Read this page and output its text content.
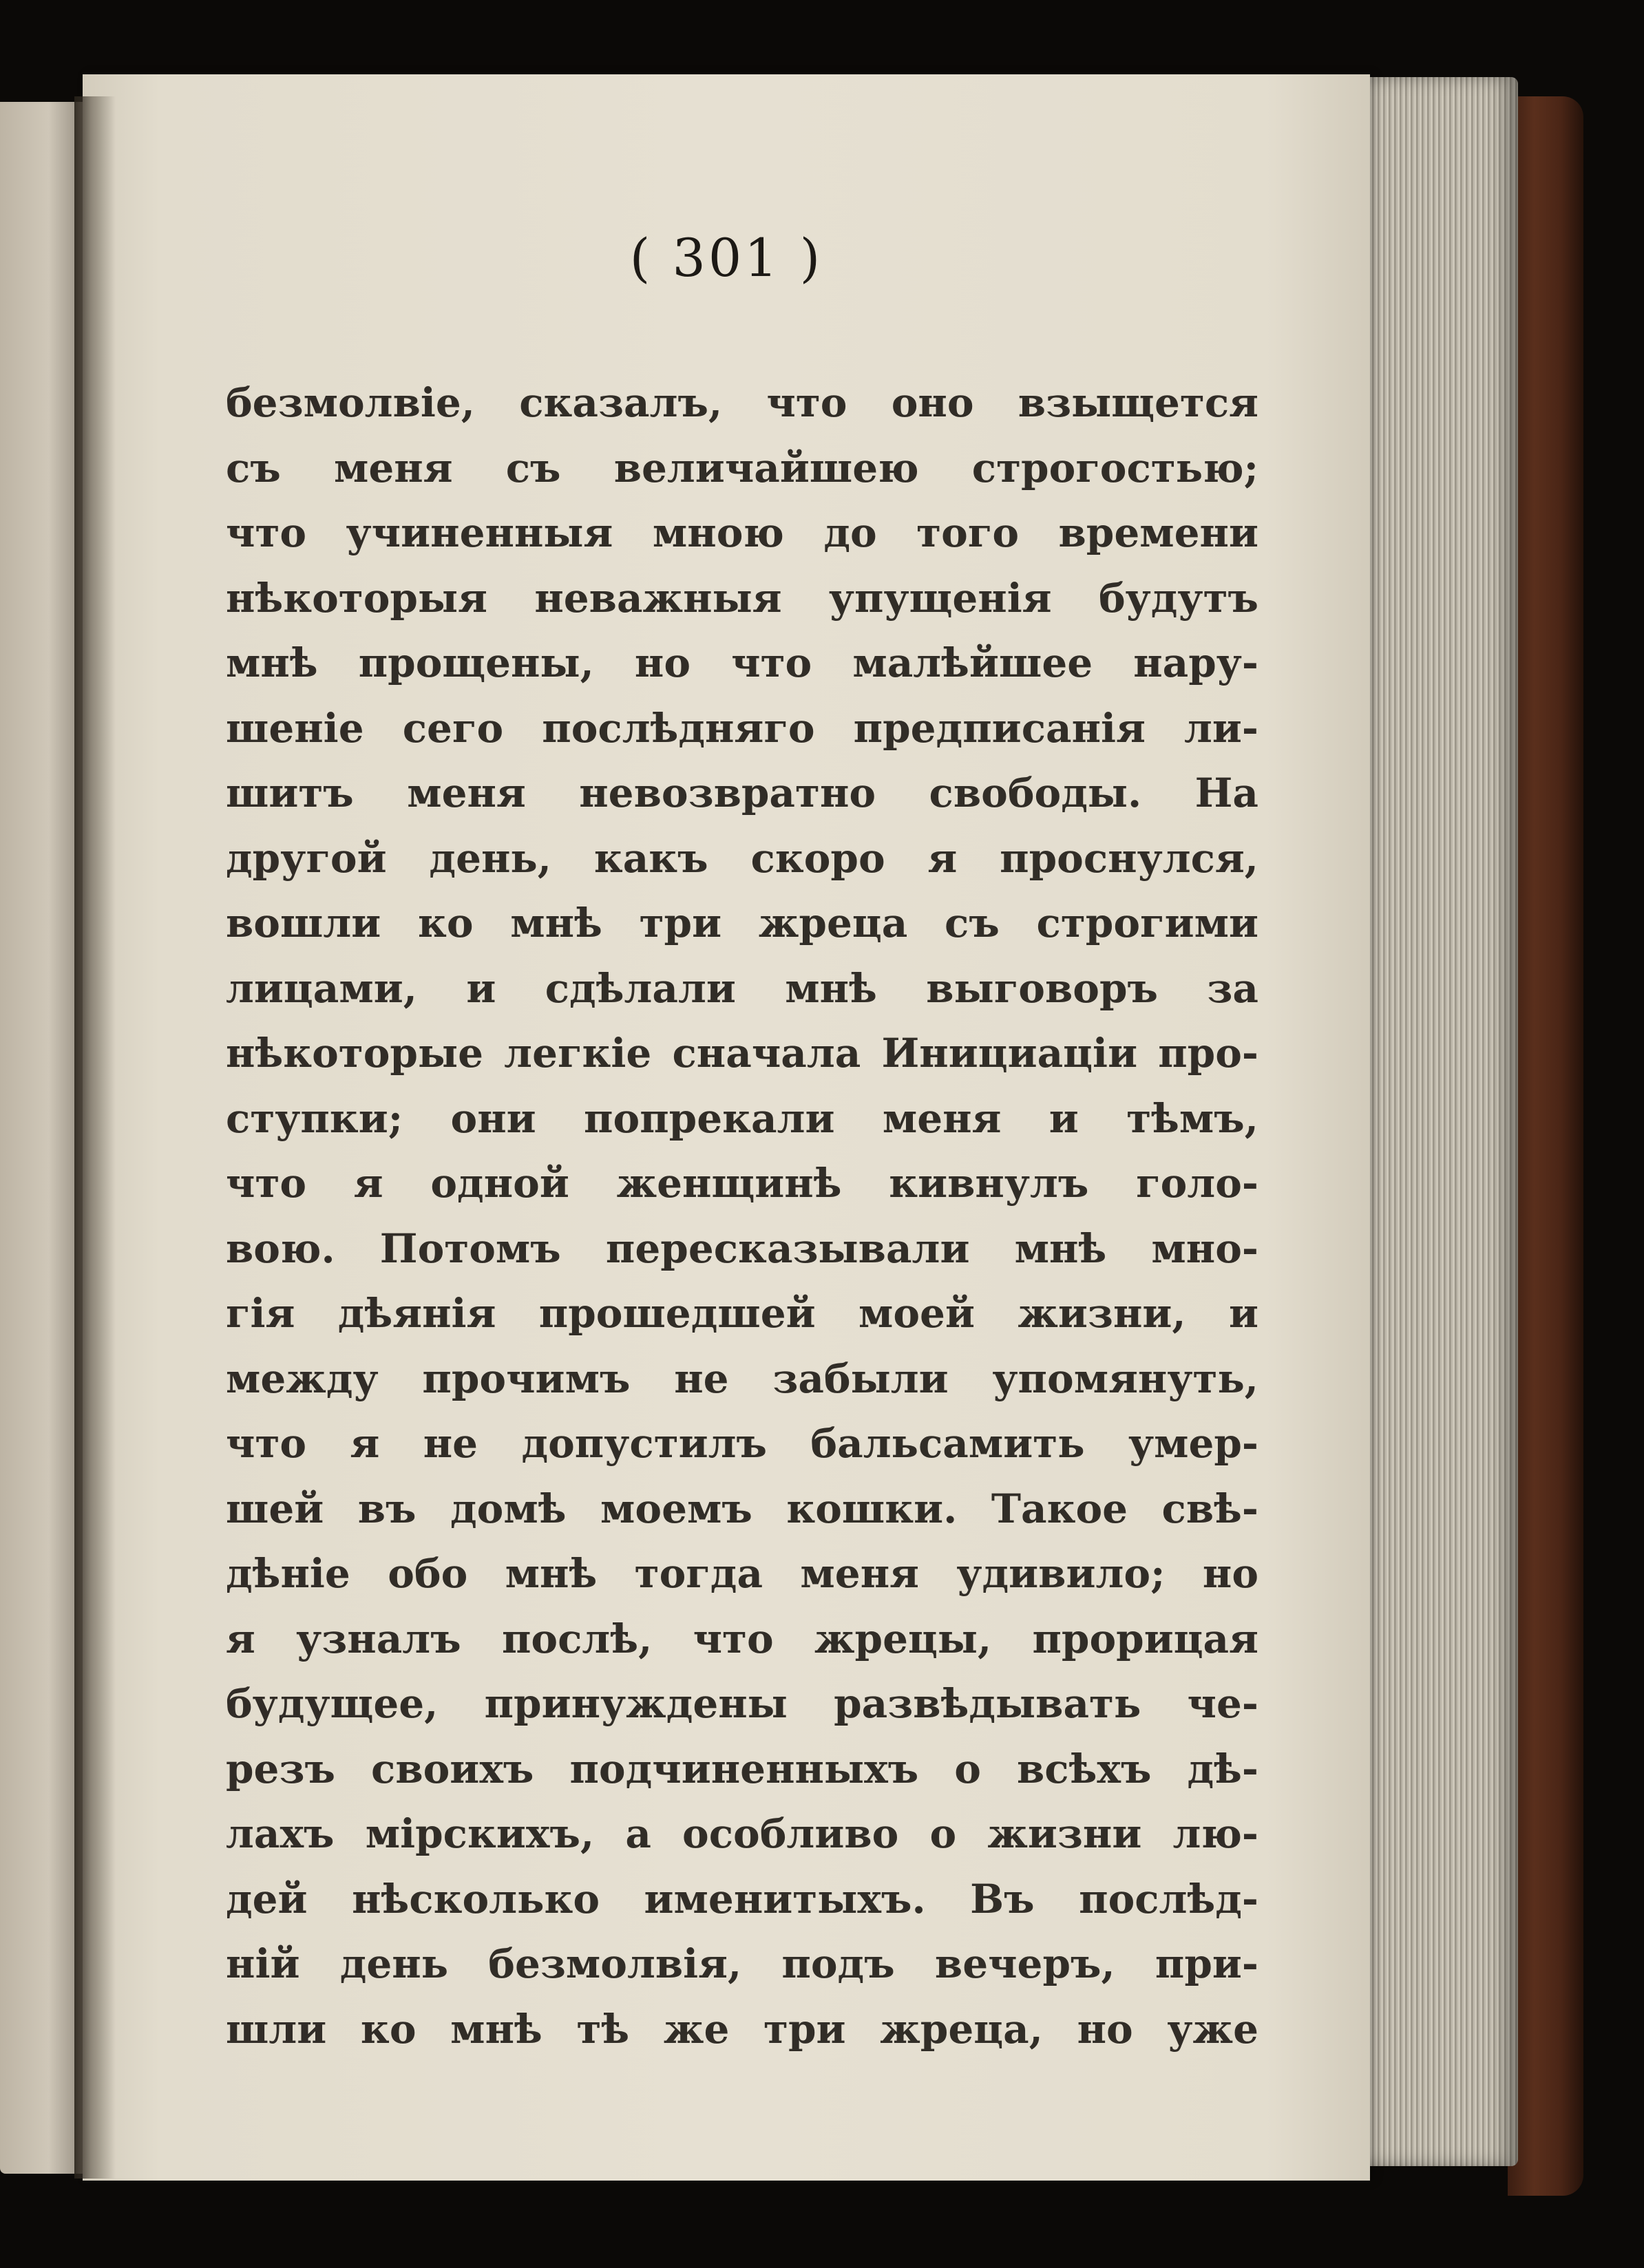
( 301 )

безмолвіе, сказалъ, что оно взыщется
съ меня съ величайшею строгостью;
что учиненныя мною до того времени
нѣкоторыя неважныя упущенія будутъ
мнѣ прощены, но что малѣйшее нару-
шеніе сего послѣдняго предписанія ли-
шитъ меня невозвратно свободы. На
другой день, какъ скоро я проснулся,
вошли ко мнѣ три жреца съ строгими
лицами, и сдѣлали мнѣ выговоръ за
нѣкоторые легкіе сначала Инициаціи про-
ступки; они попрекали меня и тѣмъ,
что я одной женщинѣ кивнулъ голо-
вою. Потомъ пересказывали мнѣ мно-
гія дѣянія прошедшей моей жизни, и
между прочимъ не забыли упомянуть,
что я не допустилъ бальсамить умер-
шей въ домѣ моемъ кошки. Такое свѣ-
дѣніе обо мнѣ тогда меня удивило; но
я узналъ послѣ, что жрецы, прорицая
будущее, принуждены развѣдывать че-
резъ своихъ подчиненныхъ о всѣхъ дѣ-
лахъ мірскихъ, а особливо о жизни лю-
дей нѣсколько именитыхъ. Въ послѣд-
ній день безмолвія, подъ вечеръ, при-
шли ко мнѣ тѣ же три жреца, но уже
